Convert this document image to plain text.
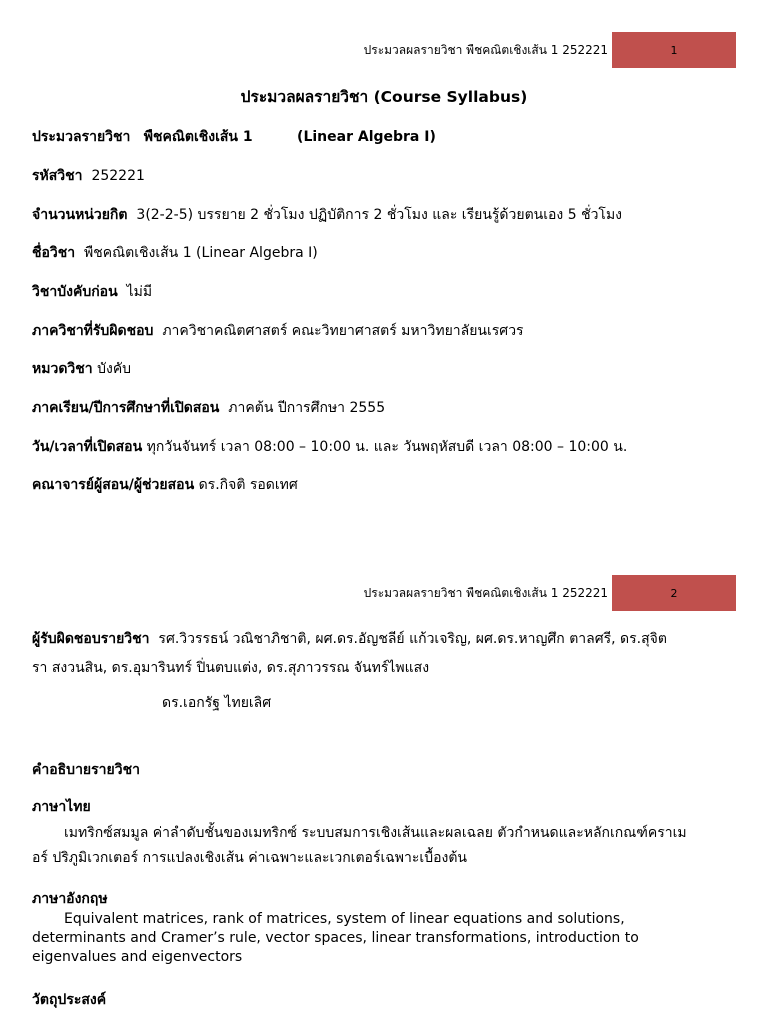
ประมวลผลรายวิชา พืชคณิตเชิงเส้น 1 252221	1
ประมวลผลรายวิชา (Course Syllabus)
ประมวลรายวิชา พืชคณิตเชิงเส้น 1	(Linear Algebra I)
รหัสวิชา 252221
จำนวนหน่วยกิต 3(2-2-5) บรรยาย 2 ชั่วโมง ปฏิบัติการ 2 ชั่วโมง และ เรียนรู้ด้วยตนเอง 5 ชั่วโมง
ชื่อวิชา พืชคณิตเชิงเส้น 1 (Linear Algebra I)
วิชาบังคับก่อน ไม่มี
ภาควิชาที่รับผิดชอบ ภาควิชาคณิตศาสตร์ คณะวิทยาศาสตร์ มหาวิทยาลัยนเรศวร
หมวดวิชา บังคับ
ภาคเรียน/ปีการศึกษาที่เปิดสอน ภาคต้น ปีการศึกษา 2555
วัน/เวลาที่เปิดสอน ทุกวันจันทร์ เวลา 08:00 – 10:00 น. และ วันพฤหัสบดี เวลา 08:00 – 10:00 น.
คณาจารย์ผู้สอน/ผู้ช่วยสอน ดร.กิจติ รอดเทศ
ประมวลผลรายวิชา พืชคณิตเชิงเส้น 1 252221	2
ผู้รับผิดชอบรายวิชา รศ.วิวรรธน์ วณิชาภิชาติ, ผศ.ดร.อัญชลีย์ แก้วเจริญ, ผศ.ดร.หาญศึก ตาลศรี, ดร.สุจิต
รา สงวนสิน, ดร.อุมารินทร์ ปิ่นตบแต่ง, ดร.สุภาวรรณ จันทร์ไพแสง
ดร.เอกรัฐ ไทยเลิศ
คำอธิบายรายวิชา
ภาษาไทย
เมทริกซ์สมมูล ค่าลำดับชั้นของเมทริกซ์ ระบบสมการเชิงเส้นและผลเฉลย ตัวกำหนดและหลักเกณฑ์คราเม
อร์ ปริภูมิเวกเตอร์ การแปลงเชิงเส้น ค่าเฉพาะและเวกเตอร์เฉพาะเบื้องต้น
ภาษาอังกฤษ
Equivalent matrices, rank of matrices, system of linear equations and solutions,
determinants and Cramer’s rule, vector spaces, linear transformations, introduction to
eigenvalues and eigenvectors
วัตถุประสงค์
